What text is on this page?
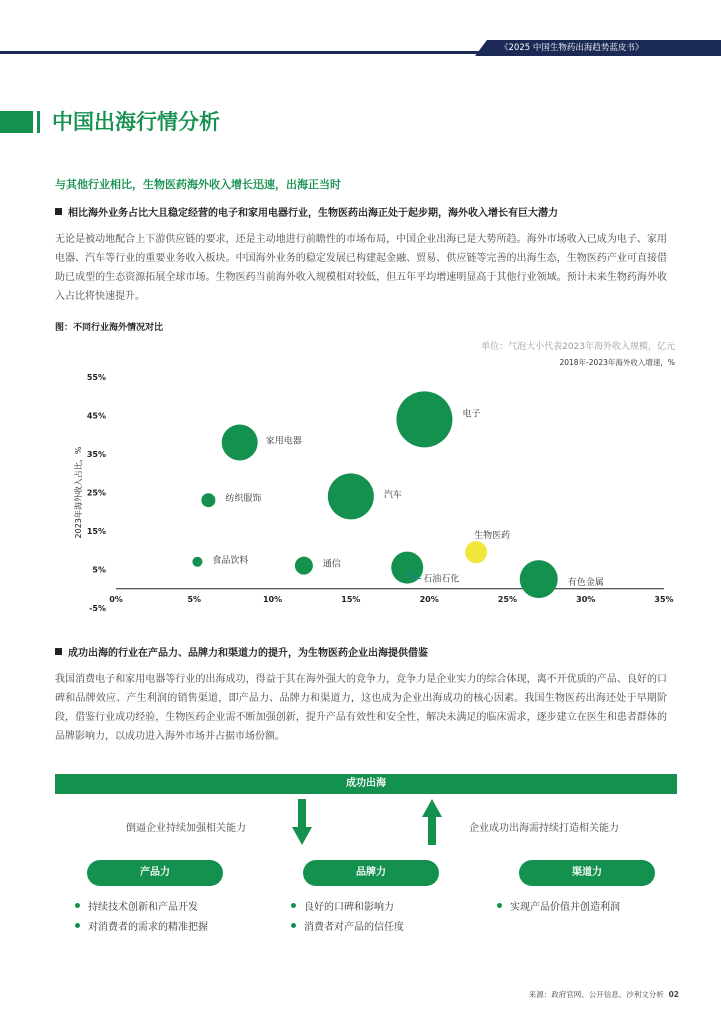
《2025 中国生物药出海趋势蓝皮书》
中国出海行情分析
与其他行业相比，生物医药海外收入增长迅速，出海正当时
相比海外业务占比大且稳定经营的电子和家用电器行业，生物医药出海正处于起步期，海外收入增长有巨大潜力

无论是被动地配合上下游供应链的要求，还是主动地进行前瞻性的市场布局，中国企业出海已是大势所趋。海外市场收入已成为电子、家用电器、汽车等行业的重要业务收入板块。中国海外业务的稳定发展已构建起金融、贸易、供应链等完善的出海生态，生物医药产业可直接借助已成型的生态资源拓展全球市场。生物医药当前海外收入规模相对较低，但五年平均增速明显高于其他行业领域。预计未来生物药海外收入占比将快速提升。

图：不同行业海外情况对比
单位：气泡大小代表2023年海外收入规模，亿元
2018年-2023年海外收入增速，%
0%	5%	10%	15%	20%	25%	30%	35%
-5%
5%
15%
25%
35%
45%
55%
2023年海外收入占比，%
电子
家用电器
纺织服饰	汽车
生物医药
食品饮料	通信
石油石化	有色金属
成功出海的行业在产品力、品牌力和渠道力的提升，为生物医药企业出海提供借鉴

我国消费电子和家用电器等行业的出海成功，得益于其在海外强大的竞争力，竞争力是企业实力的综合体现，离不开优质的产品、良好的口碑和品牌效应、产生利润的销售渠道，即产品力、品牌力和渠道力，这也成为企业出海成功的核心因素。我国生物医药出海还处于早期阶段，借鉴行业成功经验，生物医药企业需不断加强创新，提升产品有效性和安全性，解决未满足的临床需求，逐步建立在医生和患者群体的品牌影响力，以成功进入海外市场并占据市场份额。

成功出海
倒逼企业持续加强相关能力	企业成功出海需持续打造相关能力
产品力	品牌力	渠道力
持续技术创新和产品开发
对消费者的需求的精准把握
良好的口碑和影响力
消费者对产品的信任度
实现产品价值并创造利润
来源：政府官网、公开信息、沙利文分析 02
